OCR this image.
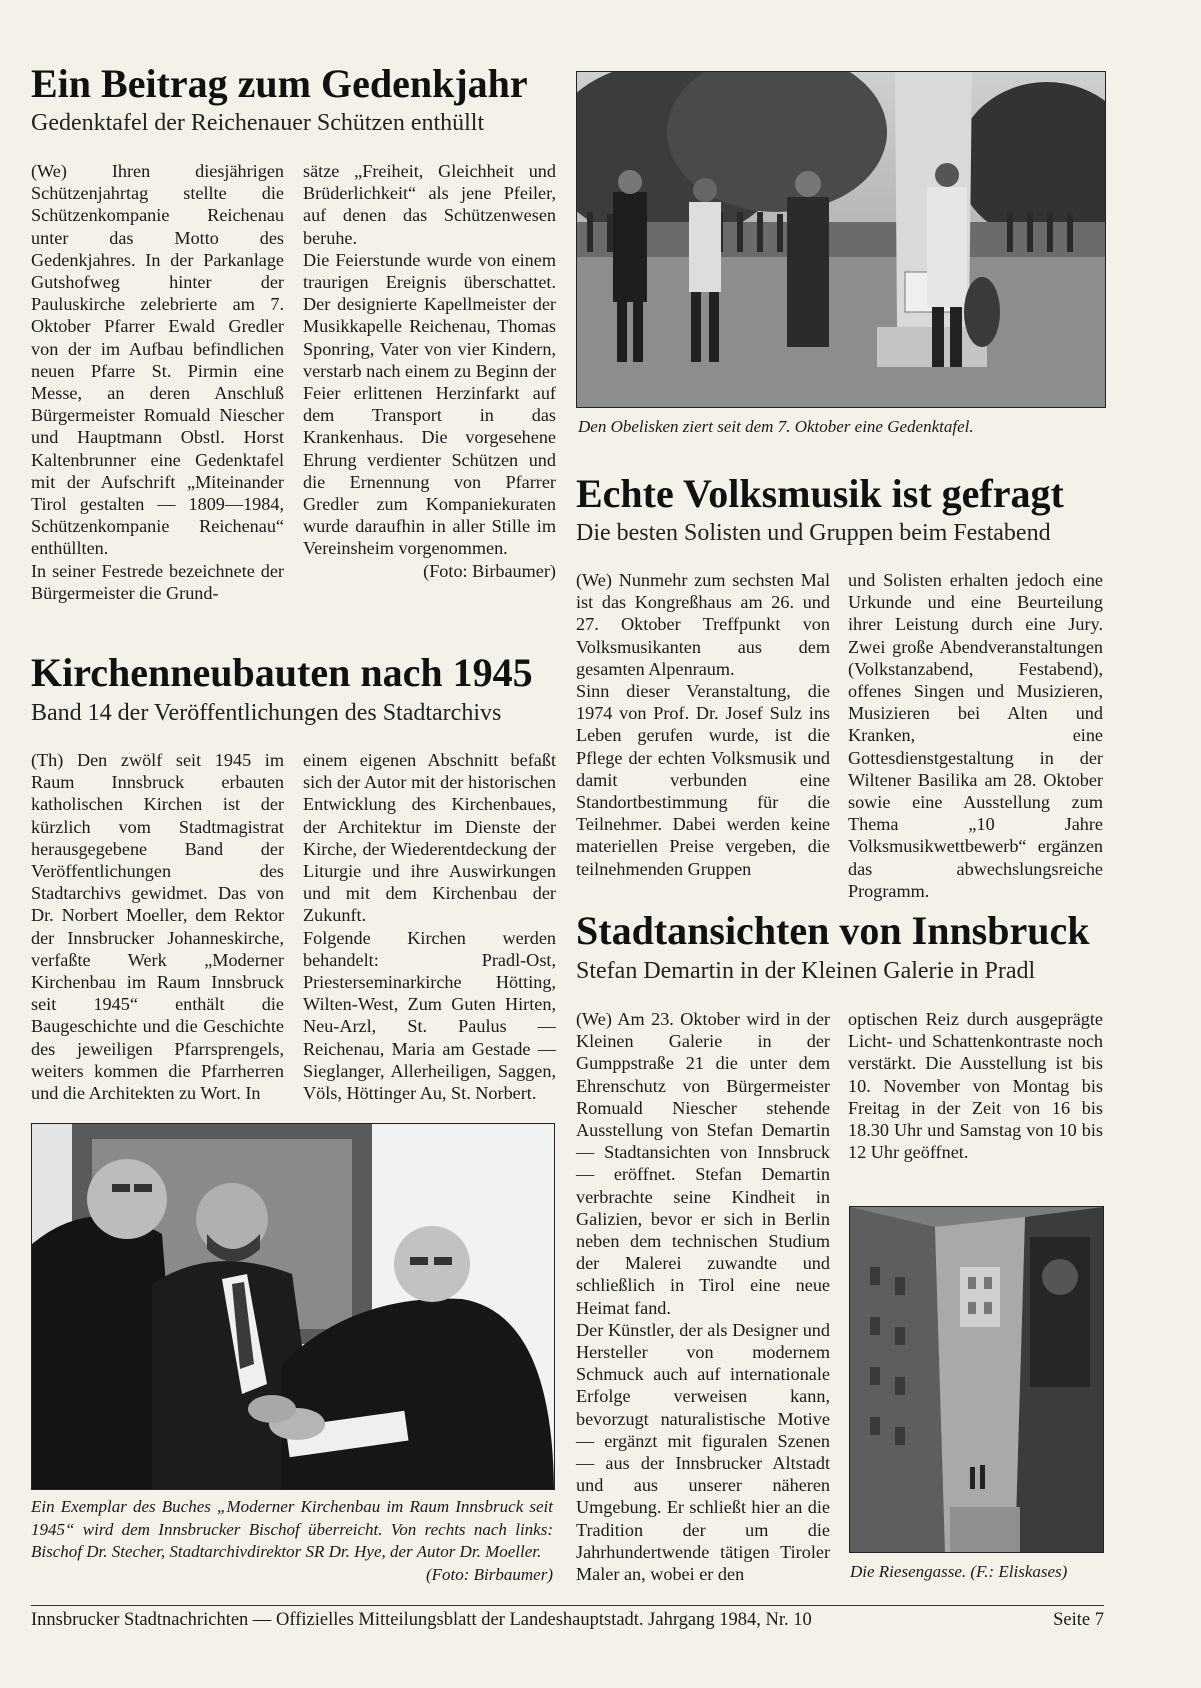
Ein Beitrag zum Gedenkjahr

Gedenktafel der Reichenauer Schützen enthüllt

(We) Ihren diesjährigen Schützenjahrtag stellte die Schützenkompanie Reichenau unter das Motto des Gedenkjahres. In der Parkanlage Gutshofweg hinter der Pauluskirche zelebrierte am 7. Oktober Pfarrer Ewald Gredler von der im Aufbau befindlichen neuen Pfarre St. Pirmin eine Messe, an deren Anschluß Bürgermeister Romuald Niescher und Hauptmann Obstl. Horst Kaltenbrunner eine Gedenktafel mit der Aufschrift „Miteinander Tirol gestalten — 1809—1984, Schützenkompanie Reichenau“ enthüllten.

In seiner Festrede bezeichnete der Bürgermeister die Grund-

sätze „Freiheit, Gleichheit und Brüderlichkeit“ als jene Pfeiler, auf denen das Schützenwesen beruhe.

Die Feierstunde wurde von einem traurigen Ereignis überschattet. Der designierte Kapellmeister der Musikkapelle Reichenau, Thomas Sponring, Vater von vier Kindern, verstarb nach einem zu Beginn der Feier erlittenen Herzinfarkt auf dem Transport in das Krankenhaus. Die vorgesehene Ehrung verdienter Schützen und die Ernennung von Pfarrer Gredler zum Kompaniekuraten wurde daraufhin in aller Stille im Vereinsheim vorgenommen.

(Foto: Birbaumer)

Den Obelisken ziert seit dem 7. Oktober eine Gedenktafel.
Echte Volksmusik ist gefragt

Die besten Solisten und Gruppen beim Festabend

(We) Nunmehr zum sechsten Mal ist das Kongreßhaus am 26. und 27. Oktober Treffpunkt von Volksmusikanten aus dem gesamten Alpenraum.

Sinn dieser Veranstaltung, die 1974 von Prof. Dr. Josef Sulz ins Leben gerufen wurde, ist die Pflege der echten Volksmusik und damit verbunden eine Standortbestimmung für die Teilnehmer. Dabei werden keine materiellen Preise vergeben, die teilnehmenden Gruppen

und Solisten erhalten jedoch eine Urkunde und eine Beurteilung ihrer Leistung durch eine Jury. Zwei große Abendveranstaltungen (Volkstanzabend, Festabend), offenes Singen und Musizieren, Musizieren bei Alten und Kranken, eine Gottesdienstgestaltung in der Wiltener Basilika am 28. Oktober sowie eine Ausstellung zum Thema „10 Jahre Volksmusikwettbewerb“ ergänzen das abwechslungsreiche Programm.

Kirchenneubauten nach 1945

Band 14 der Veröffentlichungen des Stadtarchivs

(Th) Den zwölf seit 1945 im Raum Innsbruck erbauten katholischen Kirchen ist der kürzlich vom Stadtmagistrat herausgegebene Band der Veröffentlichungen des Stadtarchivs gewidmet. Das von Dr. Norbert Moeller, dem Rektor der Innsbrucker Johanneskirche, verfaßte Werk „Moderner Kirchenbau im Raum Innsbruck seit 1945“ enthält die Baugeschichte und die Geschichte des jeweiligen Pfarrsprengels, weiters kommen die Pfarrherren und die Architekten zu Wort. In

einem eigenen Abschnitt befaßt sich der Autor mit der historischen Entwicklung des Kirchenbaues, der Architektur im Dienste der Kirche, der Wiederentdeckung der Liturgie und ihre Auswirkungen und mit dem Kirchenbau der Zukunft.

Folgende Kirchen werden behandelt: Pradl-Ost, Priesterseminarkirche Hötting, Wilten-West, Zum Guten Hirten, Neu-Arzl, St. Paulus — Reichenau, Maria am Gestade — Sieglanger, Allerheiligen, Saggen, Völs, Höttinger Au, St. Norbert.

Ein Exemplar des Buches „Moderner Kirchenbau im Raum Innsbruck seit 1945“ wird dem Innsbrucker Bischof überreicht. Von rechts nach links: Bischof Dr. Stecher, Stadtarchivdirektor SR Dr. Hye, der Autor Dr. Moeller.
(Foto: Birbaumer)

Stadtansichten von Innsbruck

Stefan Demartin in der Kleinen Galerie in Pradl

(We) Am 23. Oktober wird in der Kleinen Galerie in der Gumppstraße 21 die unter dem Ehrenschutz von Bürgermeister Romuald Niescher stehende Ausstellung von Stefan Demartin — Stadtansichten von Innsbruck — eröffnet. Stefan Demartin verbrachte seine Kindheit in Galizien, bevor er sich in Berlin neben dem technischen Studium der Malerei zuwandte und schließlich in Tirol eine neue Heimat fand.

Der Künstler, der als Designer und Hersteller von modernem Schmuck auch auf internationale Erfolge verweisen kann, bevorzugt naturalistische Motive — ergänzt mit figuralen Szenen — aus der Innsbrucker Altstadt und aus unserer näheren Umgebung. Er schließt hier an die Tradition der um die Jahrhundertwende tätigen Tiroler Maler an, wobei er den

optischen Reiz durch ausgeprägte Licht- und Schattenkontraste noch verstärkt. Die Ausstellung ist bis 10. November von Montag bis Freitag in der Zeit von 16 bis 18.30 Uhr und Samstag von 10 bis 12 Uhr geöffnet.

Die Riesengasse. (F.: Eliskases)
Innsbrucker Stadtnachrichten — Offizielles Mitteilungsblatt der Landeshauptstadt. Jahrgang 1984, Nr. 10	Seite 7
